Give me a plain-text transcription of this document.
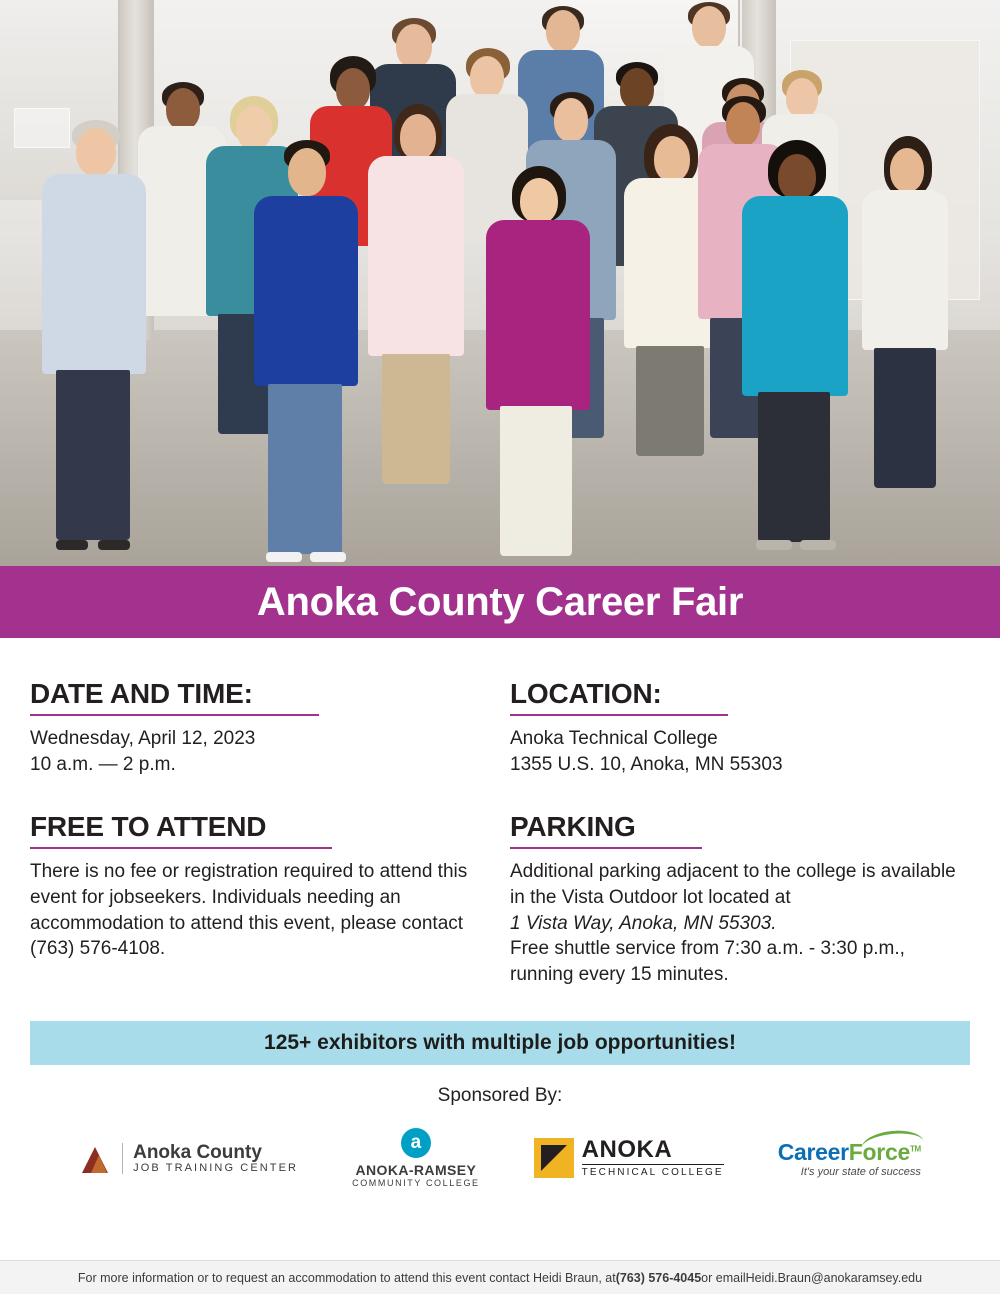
Anoka County Career Fair
DATE AND TIME:

Wednesday, April 12, 2023

10 a.m. — 2 p.m.

LOCATION:

Anoka Technical College

1355 U.S. 10, Anoka, MN 55303

FREE TO ATTEND

There is no fee or registration required to attend this event for jobseekers. Individuals needing an accommodation to attend this event, please contact (763) 576-4108.

PARKING

Additional parking adjacent to the college is available in the Vista Outdoor lot located at

1 Vista Way, Anoka, MN 55303.

Free shuttle service from 7:30 a.m. - 3:30 p.m.,

running every 15 minutes.

125+ exhibitors with multiple job opportunities!
Sponsored By:
Anoka County
JOB TRAINING CENTER
a
ANOKA-RAMSEY
COMMUNITY COLLEGE
ANOKA
TECHNICAL COLLEGE
CareerForce™
It's your state of success
For more information or to request an accommodation to attend this event contact Heidi Braun, at (763) 576-4045 or email Heidi.Braun@anokaramsey.edu
